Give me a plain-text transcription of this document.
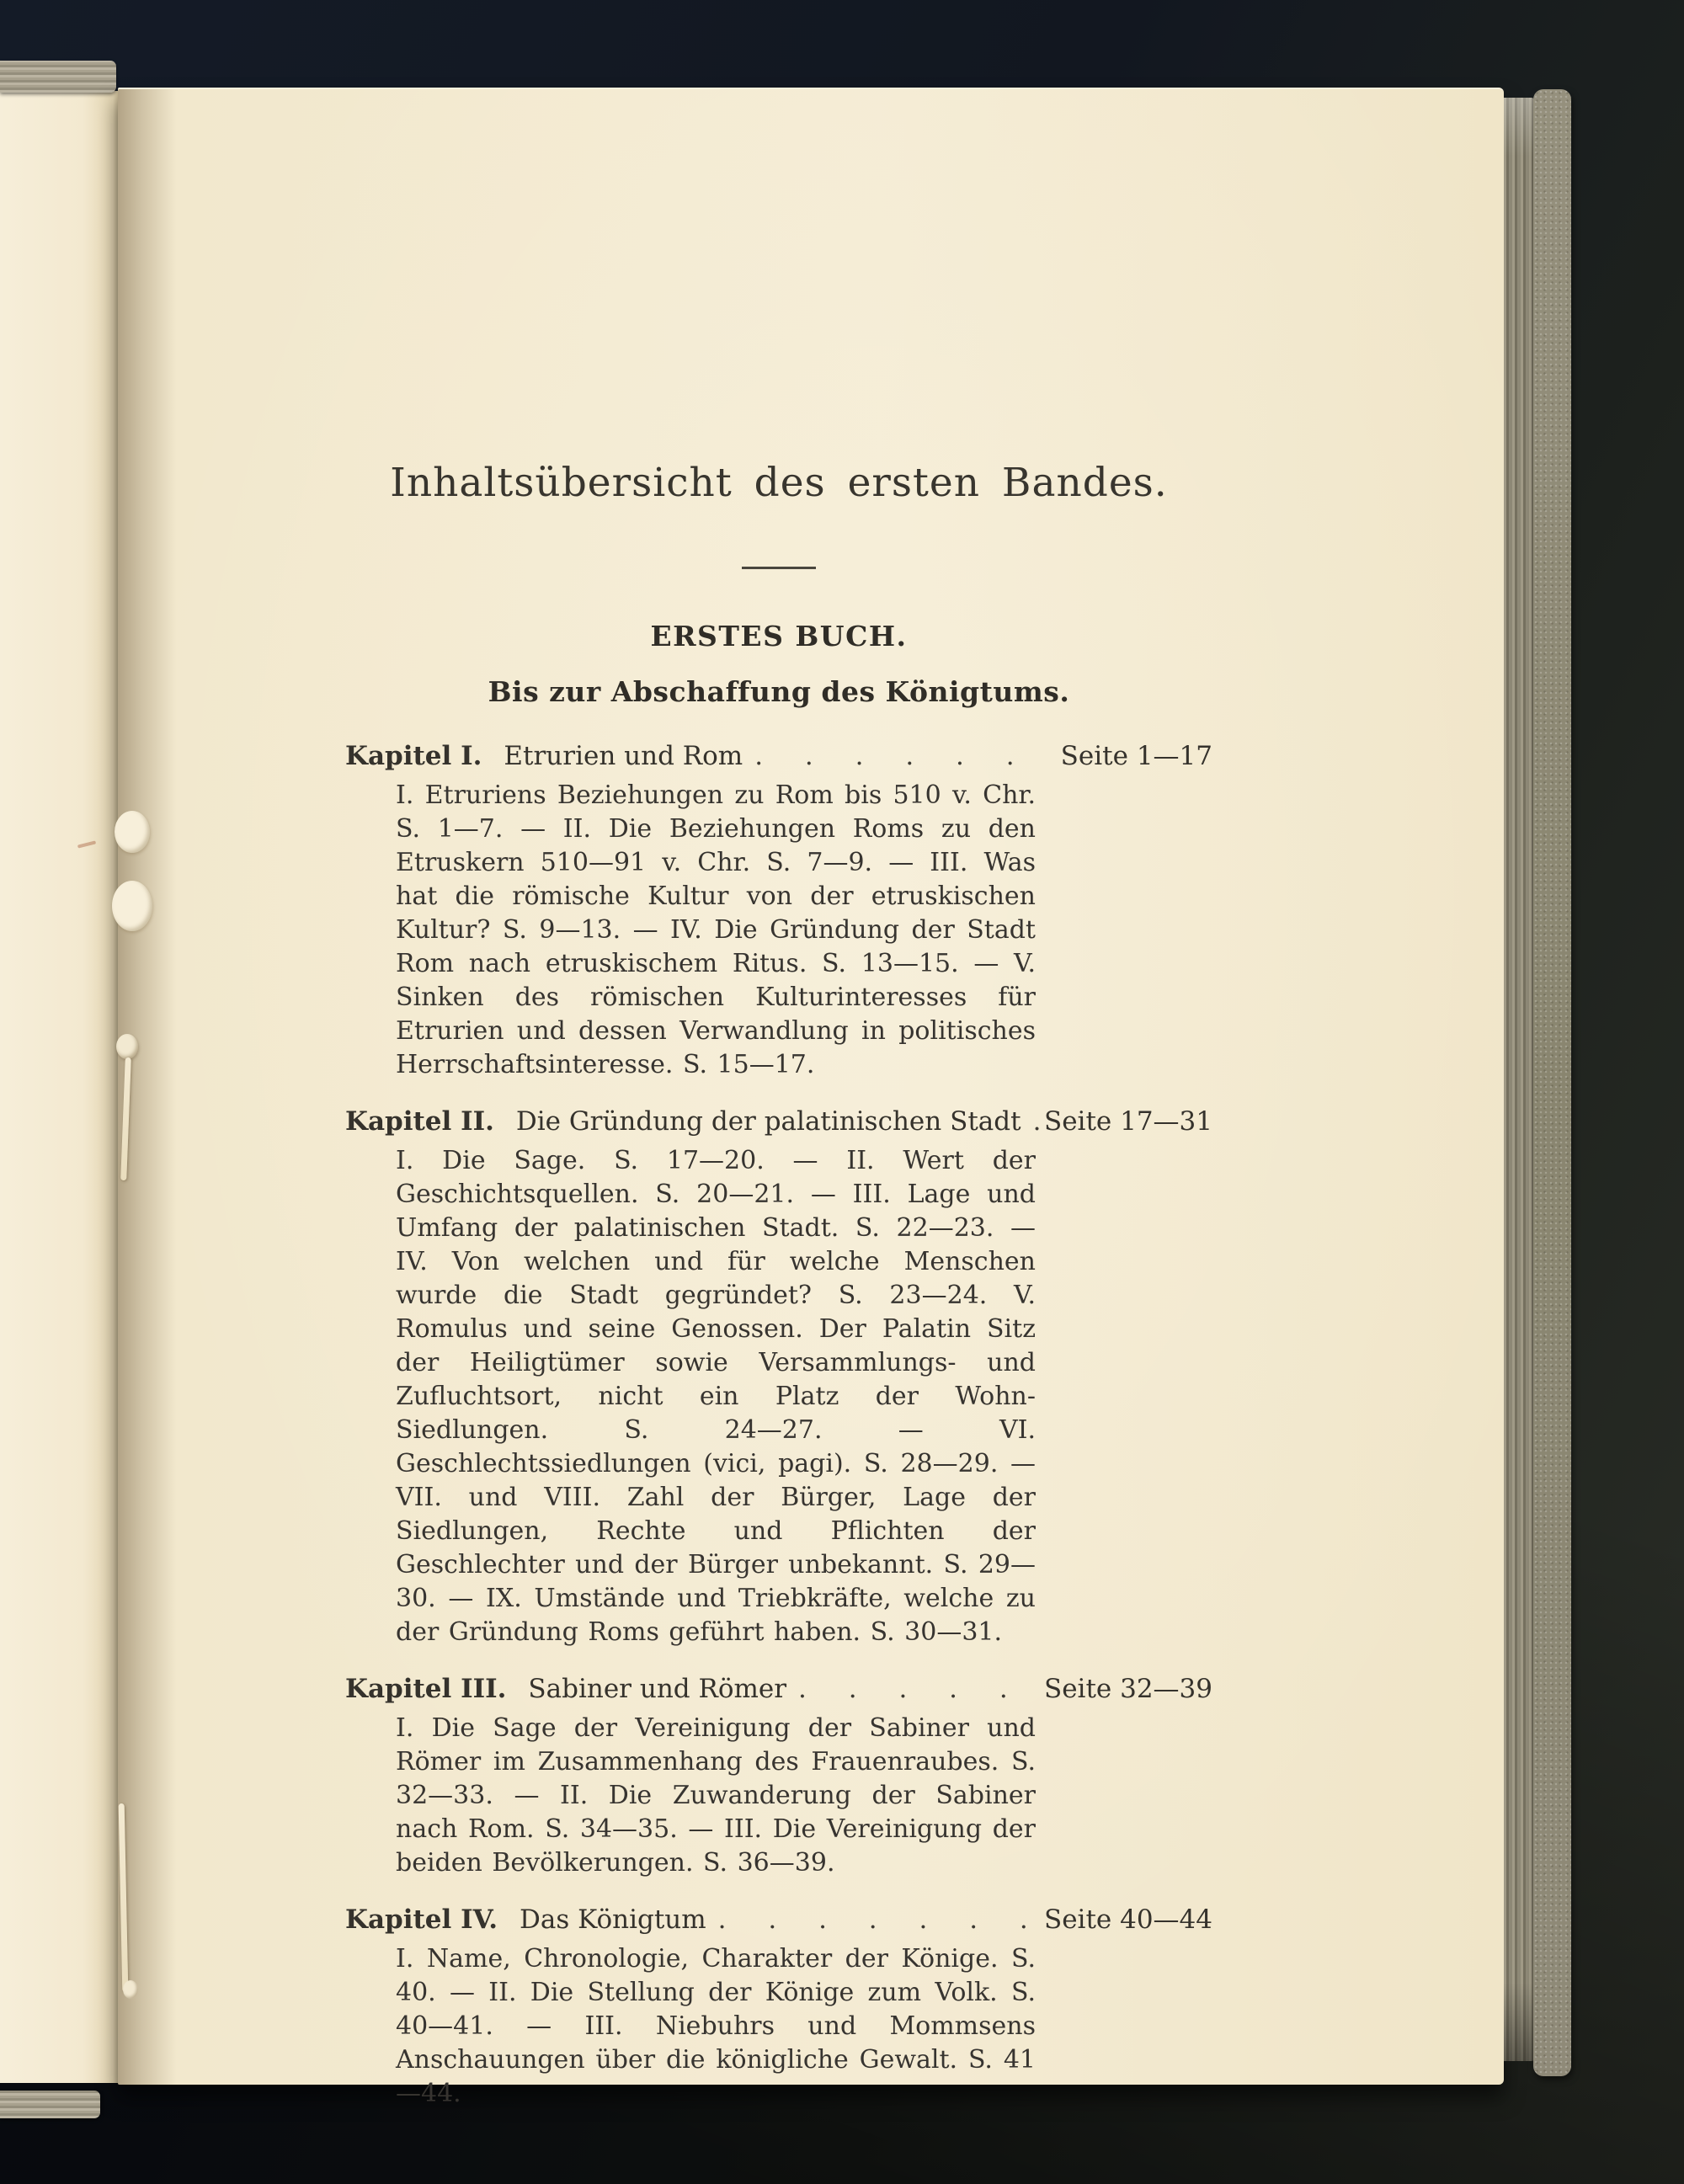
Inhaltsübersicht des ersten Bandes.
ERSTES BUCH.
Bis zur Abschaffung des Königtums.
Kapitel I. Etrurien und Rom . . .	Seite 1—17

I. Etruriens Beziehungen zu Rom bis 510 v. Chr. S. 1—7. — II. Die Beziehungen Roms zu den Etruskern 510—91 v. Chr. S. 7—9. — III. Was hat die römische Kultur von der etruskischen Kultur? S. 9—13. — IV. Die Gründung der Stadt Rom nach etruskischem Ritus. S. 13—15. — V. Sinken des römischen Kulturinteresses für Etrurien und dessen Verwandlung in politisches Herrschaftsinteresse. S. 15—17.

Kapitel II. Die Gründung der palatinischen Stadt . . . Seite 17—31

I. Die Sage. S. 17—20. — II. Wert der Geschichtsquellen. S. 20—21. — III. Lage und Umfang der palatinischen Stadt. S. 22—23. — IV. Von welchen und für welche Menschen wurde die Stadt gegründet? S. 23—24. V. Romulus und seine Genossen. Der Palatin Sitz der Heiligtümer sowie Versammlungs- und Zufluchtsort, nicht ein Platz der Wohn-Siedlungen. S. 24—27. — VI. Geschlechtssiedlungen (vici, pagi). S. 28—29. — VII. und VIII. Zahl der Bürger, Lage der Siedlungen, Rechte und Pflichten der Geschlechter und der Bürger unbekannt. S. 29—30. — IX. Umstände und Triebkräfte, welche zu der Gründung Roms geführt haben. S. 30—31.

Kapitel III. Sabiner und Römer . . .	Seite 32—39

I. Die Sage der Vereinigung der Sabiner und Römer im Zusammenhang des Frauenraubes. S. 32—33. — II. Die Zuwanderung der Sabiner nach Rom. S. 34—35. — III. Die Vereinigung der beiden Bevölkerungen. S. 36—39.

Kapitel IV. Das Königtum . . .	Seite 40—44

I. Name, Chronologie, Charakter der Könige. S. 40. — II. Die Stellung der Könige zum Volk. S. 40—41. — III. Niebuhrs und Mommsens Anschauungen über die königliche Gewalt. S. 41—44.
